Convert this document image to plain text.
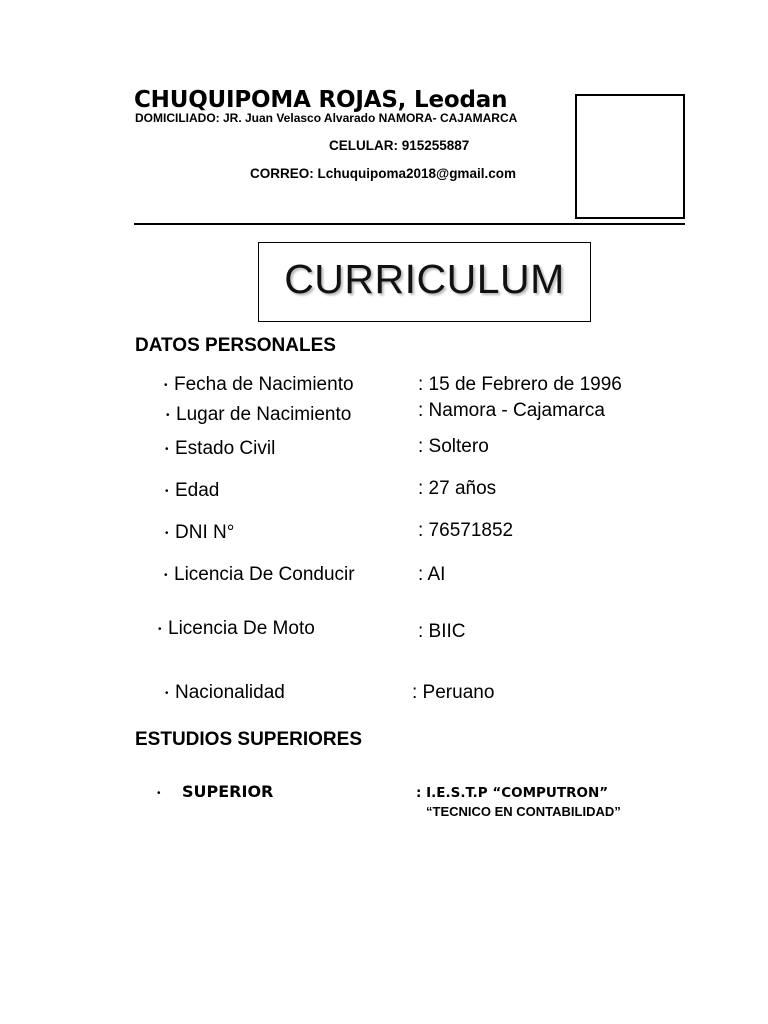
CHUQUIPOMA ROJAS, Leodan
DOMICILIADO: JR. Juan Velasco Alvarado NAMORA- CAJAMARCA
CELULAR: 915255887
CORREO: Lchuquipoma2018@gmail.com
CURRICULUM
DATOS PERSONALES
• Fecha de Nacimiento	: 15 de Febrero de 1996
• Lugar de Nacimiento	: Namora - Cajamarca
• Estado Civil	: Soltero
• Edad	: 27 años
• DNI N°	: 76571852
• Licencia De Conducir	: AI
• Licencia De Moto	: BIIC
• Nacionalidad	: Peruano
ESTUDIOS SUPERIORES
• SUPERIOR	: I.E.S.T.P “COMPUTRON”
“TECNICO EN CONTABILIDAD”
